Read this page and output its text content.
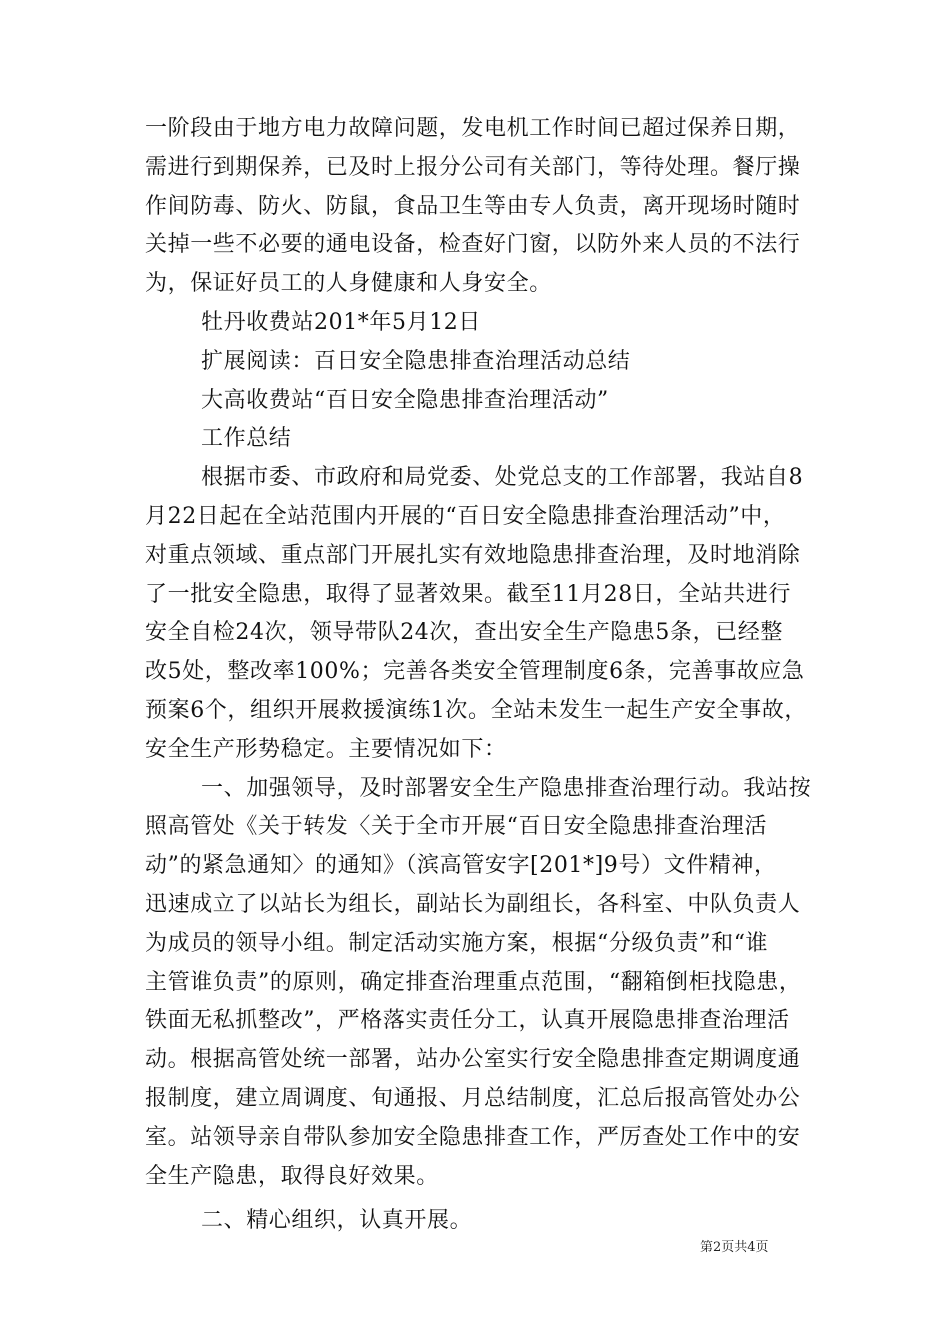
一阶段由于地方电力故障问题，发电机工作时间已超过保养日期，
需进行到期保养，已及时上报分公司有关部门，等待处理。餐厅操
作间防毒、防火、防鼠，食品卫生等由专人负责，离开现场时随时
关掉一些不必要的通电设备，检查好门窗，以防外来人员的不法行
为，保证好员工的人身健康和人身安全。
牡丹收费站201*年5月12日
扩展阅读：百日安全隐患排查治理活动总结
大高收费站“百日安全隐患排查治理活动”
工作总结
根据市委、市政府和局党委、处党总支的工作部署，我站自8
月22日起在全站范围内开展的“百日安全隐患排查治理活动”中，
对重点领域、重点部门开展扎实有效地隐患排查治理，及时地消除
了一批安全隐患，取得了显著效果。截至11月28日，全站共进行
安全自检24次，领导带队24次，查出安全生产隐患5条，已经整
改5处，整改率100%；完善各类安全管理制度6条，完善事故应急
预案6个，组织开展救援演练1次。全站未发生一起生产安全事故，
安全生产形势稳定。主要情况如下：
一、加强领导，及时部署安全生产隐患排查治理行动。我站按
照高管处《关于转发〈关于全市开展“百日安全隐患排查治理活
动”的紧急通知〉的通知》（滨高管安字[201*]9号）文件精神，
迅速成立了以站长为组长，副站长为副组长，各科室、中队负责人
为成员的领导小组。制定活动实施方案，根据“分级负责”和“谁
主管谁负责”的原则，确定排查治理重点范围，“翻箱倒柜找隐患，
铁面无私抓整改”，严格落实责任分工，认真开展隐患排查治理活
动。根据高管处统一部署，站办公室实行安全隐患排查定期调度通
报制度，建立周调度、旬通报、月总结制度，汇总后报高管处办公
室。站领导亲自带队参加安全隐患排查工作，严厉查处工作中的安
全生产隐患，取得良好效果。
二、精心组织，认真开展。
第2页共4页
